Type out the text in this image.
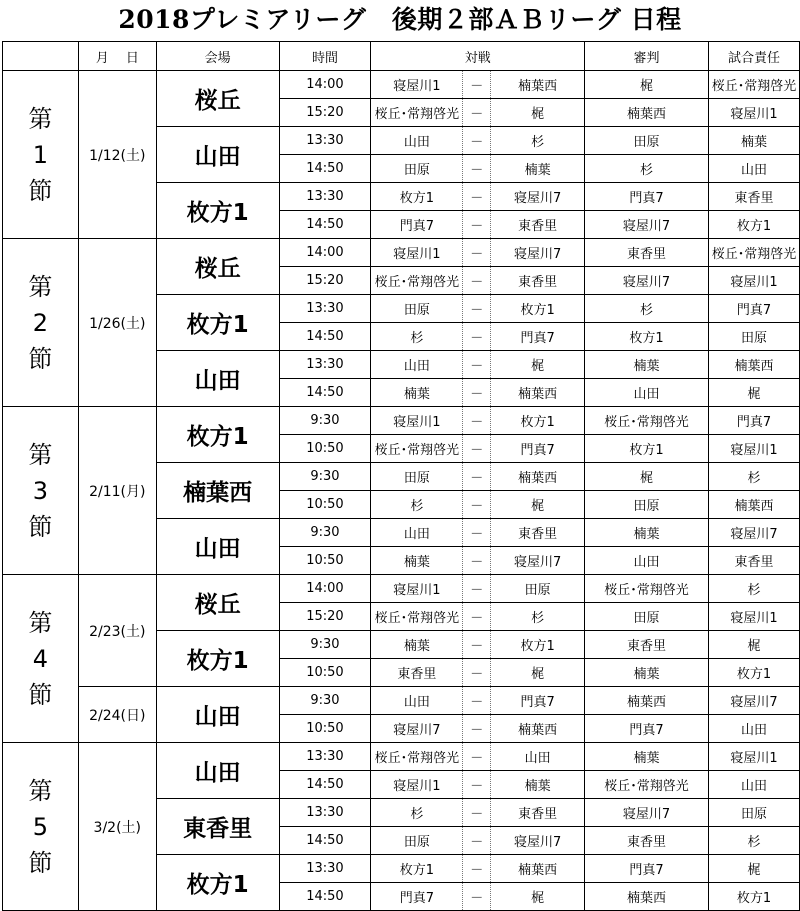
2018プレミアリーグ　後期２部ＡＢリーグ 日程
	月　 日	会場	時間	対戦			審判	試合責任

第
1
節	1/12(土)	桜丘	14:00	寝屋川1	－	楠葉西	梶	桜丘･常翔啓光
			15:20	桜丘･常翔啓光	－	梶	楠葉西	寝屋川1
		山田	13:30	山田	－	杉	田原	楠葉
			14:50	田原	－	楠葉	杉	山田
		枚方1	13:30	枚方1	－	寝屋川7	門真7	東香里
			14:50	門真7	－	東香里	寝屋川7	枚方1

第
2
節	1/26(土)	桜丘	14:00	寝屋川1	－	寝屋川7	東香里	桜丘･常翔啓光
			15:20	桜丘･常翔啓光	－	東香里	寝屋川7	寝屋川1
		枚方1	13:30	田原	－	枚方1	杉	門真7
			14:50	杉	－	門真7	枚方1	田原
		山田	13:30	山田	－	梶	楠葉	楠葉西
			14:50	楠葉	－	楠葉西	山田	梶

第
3
節	2/11(月)	枚方1	9:30	寝屋川1	－	枚方1	桜丘･常翔啓光	門真7
			10:50	桜丘･常翔啓光	－	門真7	枚方1	寝屋川1
		楠葉西	9:30	田原	－	楠葉西	梶	杉
			10:50	杉	－	梶	田原	楠葉西
		山田	9:30	山田	－	東香里	楠葉	寝屋川7
			10:50	楠葉	－	寝屋川7	山田	東香里

第
4
節	2/23(土)	桜丘	14:00	寝屋川1	－	田原	桜丘･常翔啓光	杉
			15:20	桜丘･常翔啓光	－	杉	田原	寝屋川1
		枚方1	9:30	楠葉	－	枚方1	東香里	梶
			10:50	東香里	－	梶	楠葉	枚方1
	2/24(日)	山田	9:30	山田	－	門真7	楠葉西	寝屋川7
			10:50	寝屋川7	－	楠葉西	門真7	山田

第
5
節	3/2(土)	山田	13:30	桜丘･常翔啓光	－	山田	楠葉	寝屋川1
			14:50	寝屋川1	－	楠葉	桜丘･常翔啓光	山田
		東香里	13:30	杉	－	東香里	寝屋川7	田原
			14:50	田原	－	寝屋川7	東香里	杉
		枚方1	13:30	枚方1	－	楠葉西	門真7	梶
			14:50	門真7	－	梶	楠葉西	枚方1
